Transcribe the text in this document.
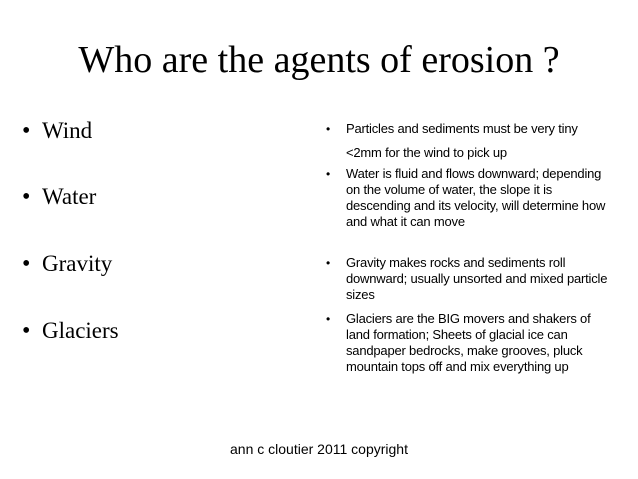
Who are the agents of erosion ?
• Wind
• Water
• Gravity
• Glaciers
• Particles and sediments must be very tiny <2mm for the wind to pick up
• Water is fluid and flows downward; depending on the volume of water, the slope it is descending and its velocity, will determine how and what it can move
• Gravity makes rocks and sediments roll downward; usually unsorted and mixed particle sizes
• Glaciers are the BIG movers and shakers of land formation; Sheets of glacial ice can sandpaper bedrocks, make grooves, pluck mountain tops off and mix everything up
ann c cloutier 2011 copyright
